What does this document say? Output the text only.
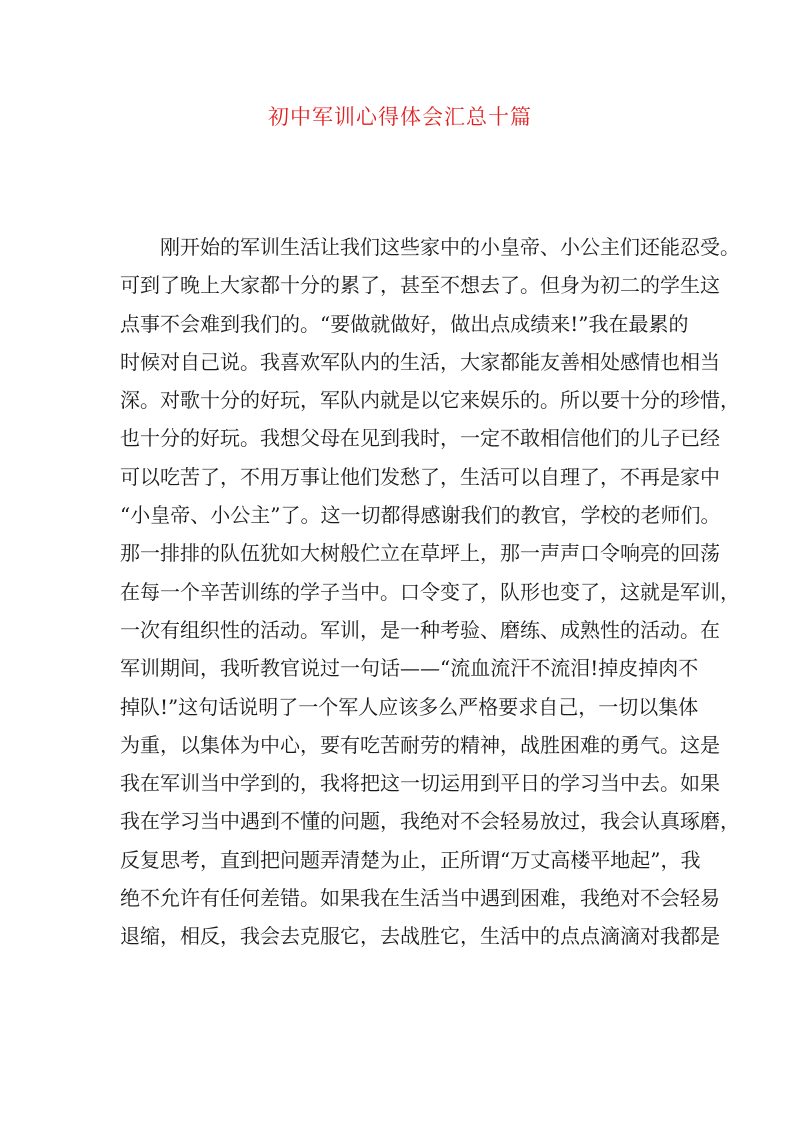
初中军训心得体会汇总十篇
刚开始的军训生活让我们这些家中的小皇帝、小公主们还能忍受。
可到了晚上大家都十分的累了，甚至不想去了。但身为初二的学生这
点事不会难到我们的。“要做就做好，做出点成绩来!”我在最累的
时候对自己说。我喜欢军队内的生活，大家都能友善相处感情也相当
深。对歌十分的好玩，军队内就是以它来娱乐的。所以要十分的珍惜，
也十分的好玩。我想父母在见到我时，一定不敢相信他们的儿子已经
可以吃苦了，不用万事让他们发愁了，生活可以自理了，不再是家中
“小皇帝、小公主”了。这一切都得感谢我们的教官，学校的老师们。
那一排排的队伍犹如大树般伫立在草坪上，那一声声口令响亮的回荡
在每一个辛苦训练的学子当中。口令变了，队形也变了，这就是军训，
一次有组织性的活动。军训，是一种考验、磨练、成熟性的活动。在
军训期间，我听教官说过一句话——“流血流汗不流泪!掉皮掉肉不
掉队!”这句话说明了一个军人应该多么严格要求自己，一切以集体
为重，以集体为中心，要有吃苦耐劳的精神，战胜困难的勇气。这是
我在军训当中学到的，我将把这一切运用到平日的学习当中去。如果
我在学习当中遇到不懂的问题，我绝对不会轻易放过，我会认真琢磨，
反复思考，直到把问题弄清楚为止，正所谓“万丈高楼平地起”，我
绝不允许有任何差错。如果我在生活当中遇到困难，我绝对不会轻易
退缩，相反，我会去克服它，去战胜它，生活中的点点滴滴对我都是
